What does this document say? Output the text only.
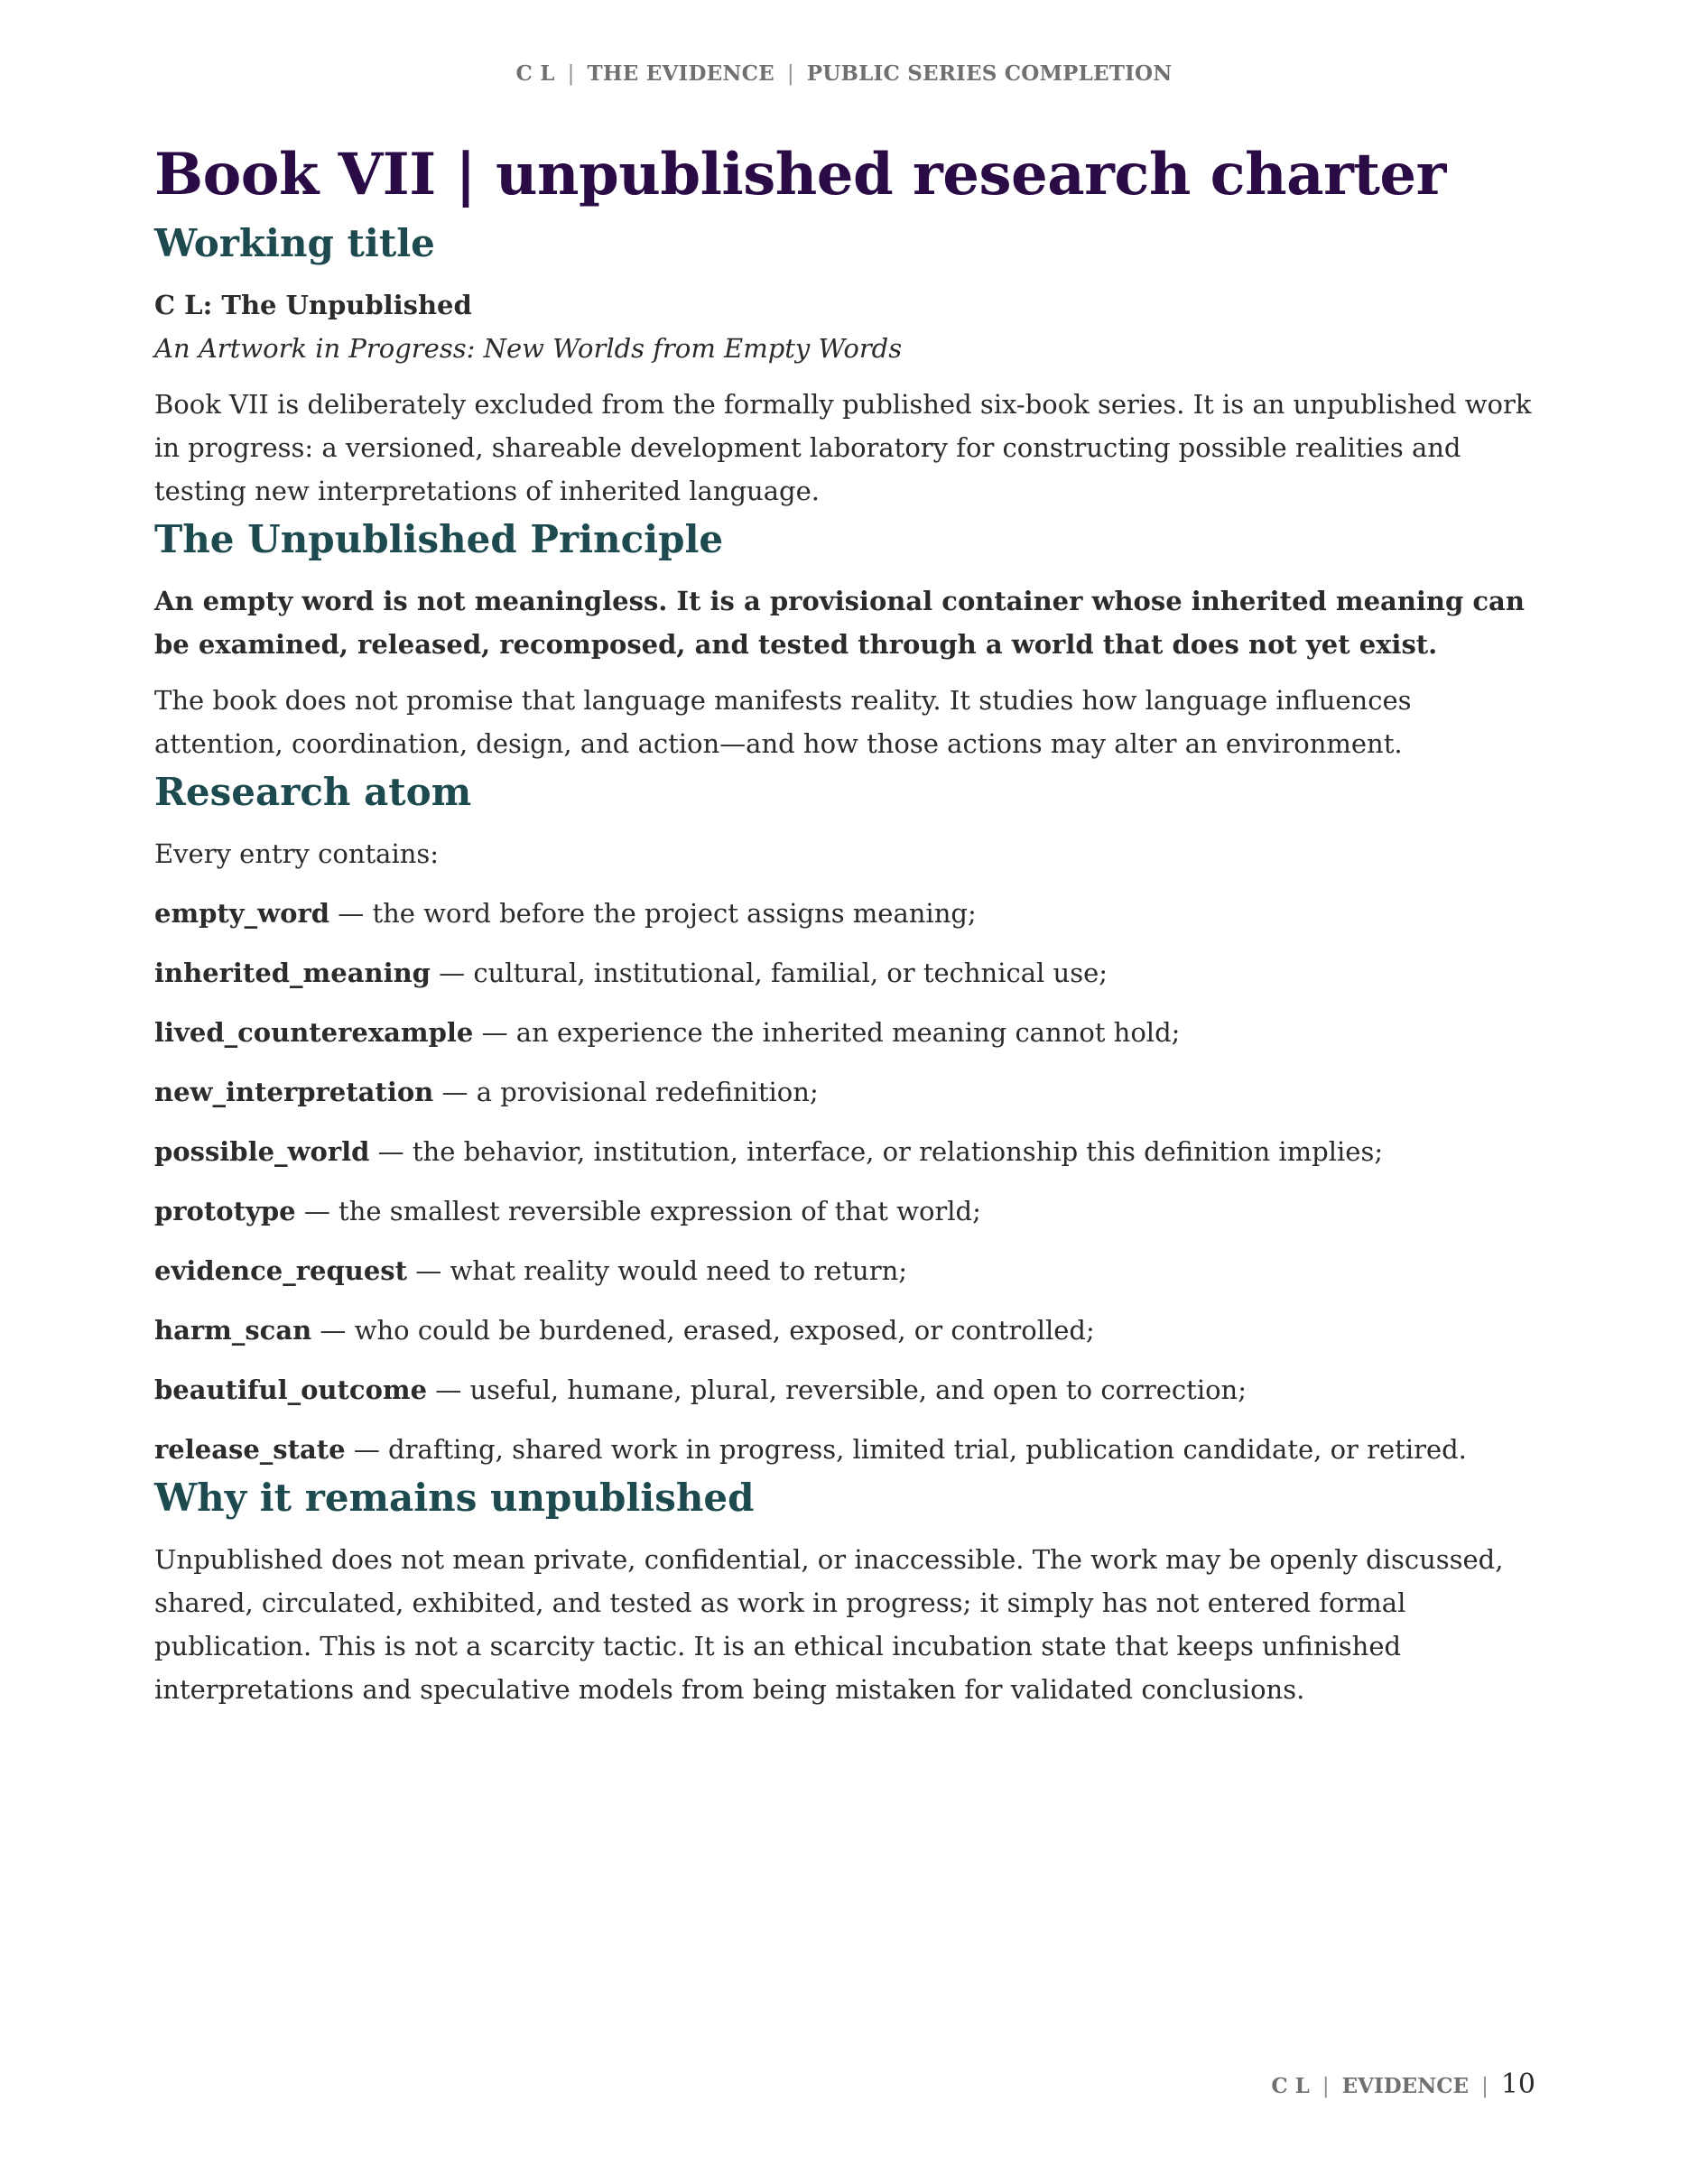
C L | THE EVIDENCE | PUBLIC SERIES COMPLETION
Book VII | unpublished research charter
Working title
C L: The Unpublished
An Artwork in Progress: New Worlds from Empty Words

Book VII is deliberately excluded from the formally published six-book series. It is an unpublished work in progress: a versioned, shareable development laboratory for constructing possible realities and testing new interpretations of inherited language.

The Unpublished Principle

An empty word is not meaningless. It is a provisional container whose inherited meaning can be examined, released, recomposed, and tested through a world that does not yet exist.

The book does not promise that language manifests reality. It studies how language influences attention, coordination, design, and action—and how those actions may alter an environment.

Research atom

Every entry contains:

empty_word — the word before the project assigns meaning;
inherited_meaning — cultural, institutional, familial, or technical use;
lived_counterexample — an experience the inherited meaning cannot hold;
new_interpretation — a provisional redefinition;
possible_world — the behavior, institution, interface, or relationship this definition implies;
prototype — the smallest reversible expression of that world;
evidence_request — what reality would need to return;
harm_scan — who could be burdened, erased, exposed, or controlled;
beautiful_outcome — useful, humane, plural, reversible, and open to correction;
release_state — drafting, shared work in progress, limited trial, publication candidate, or retired.
Why it remains unpublished

Unpublished does not mean private, confidential, or inaccessible. The work may be openly discussed, shared, circulated, exhibited, and tested as work in progress; it simply has not entered formal publication. This is not a scarcity tactic. It is an ethical incubation state that keeps unfinished interpretations and speculative models from being mistaken for validated conclusions.

C L | EVIDENCE | 10
